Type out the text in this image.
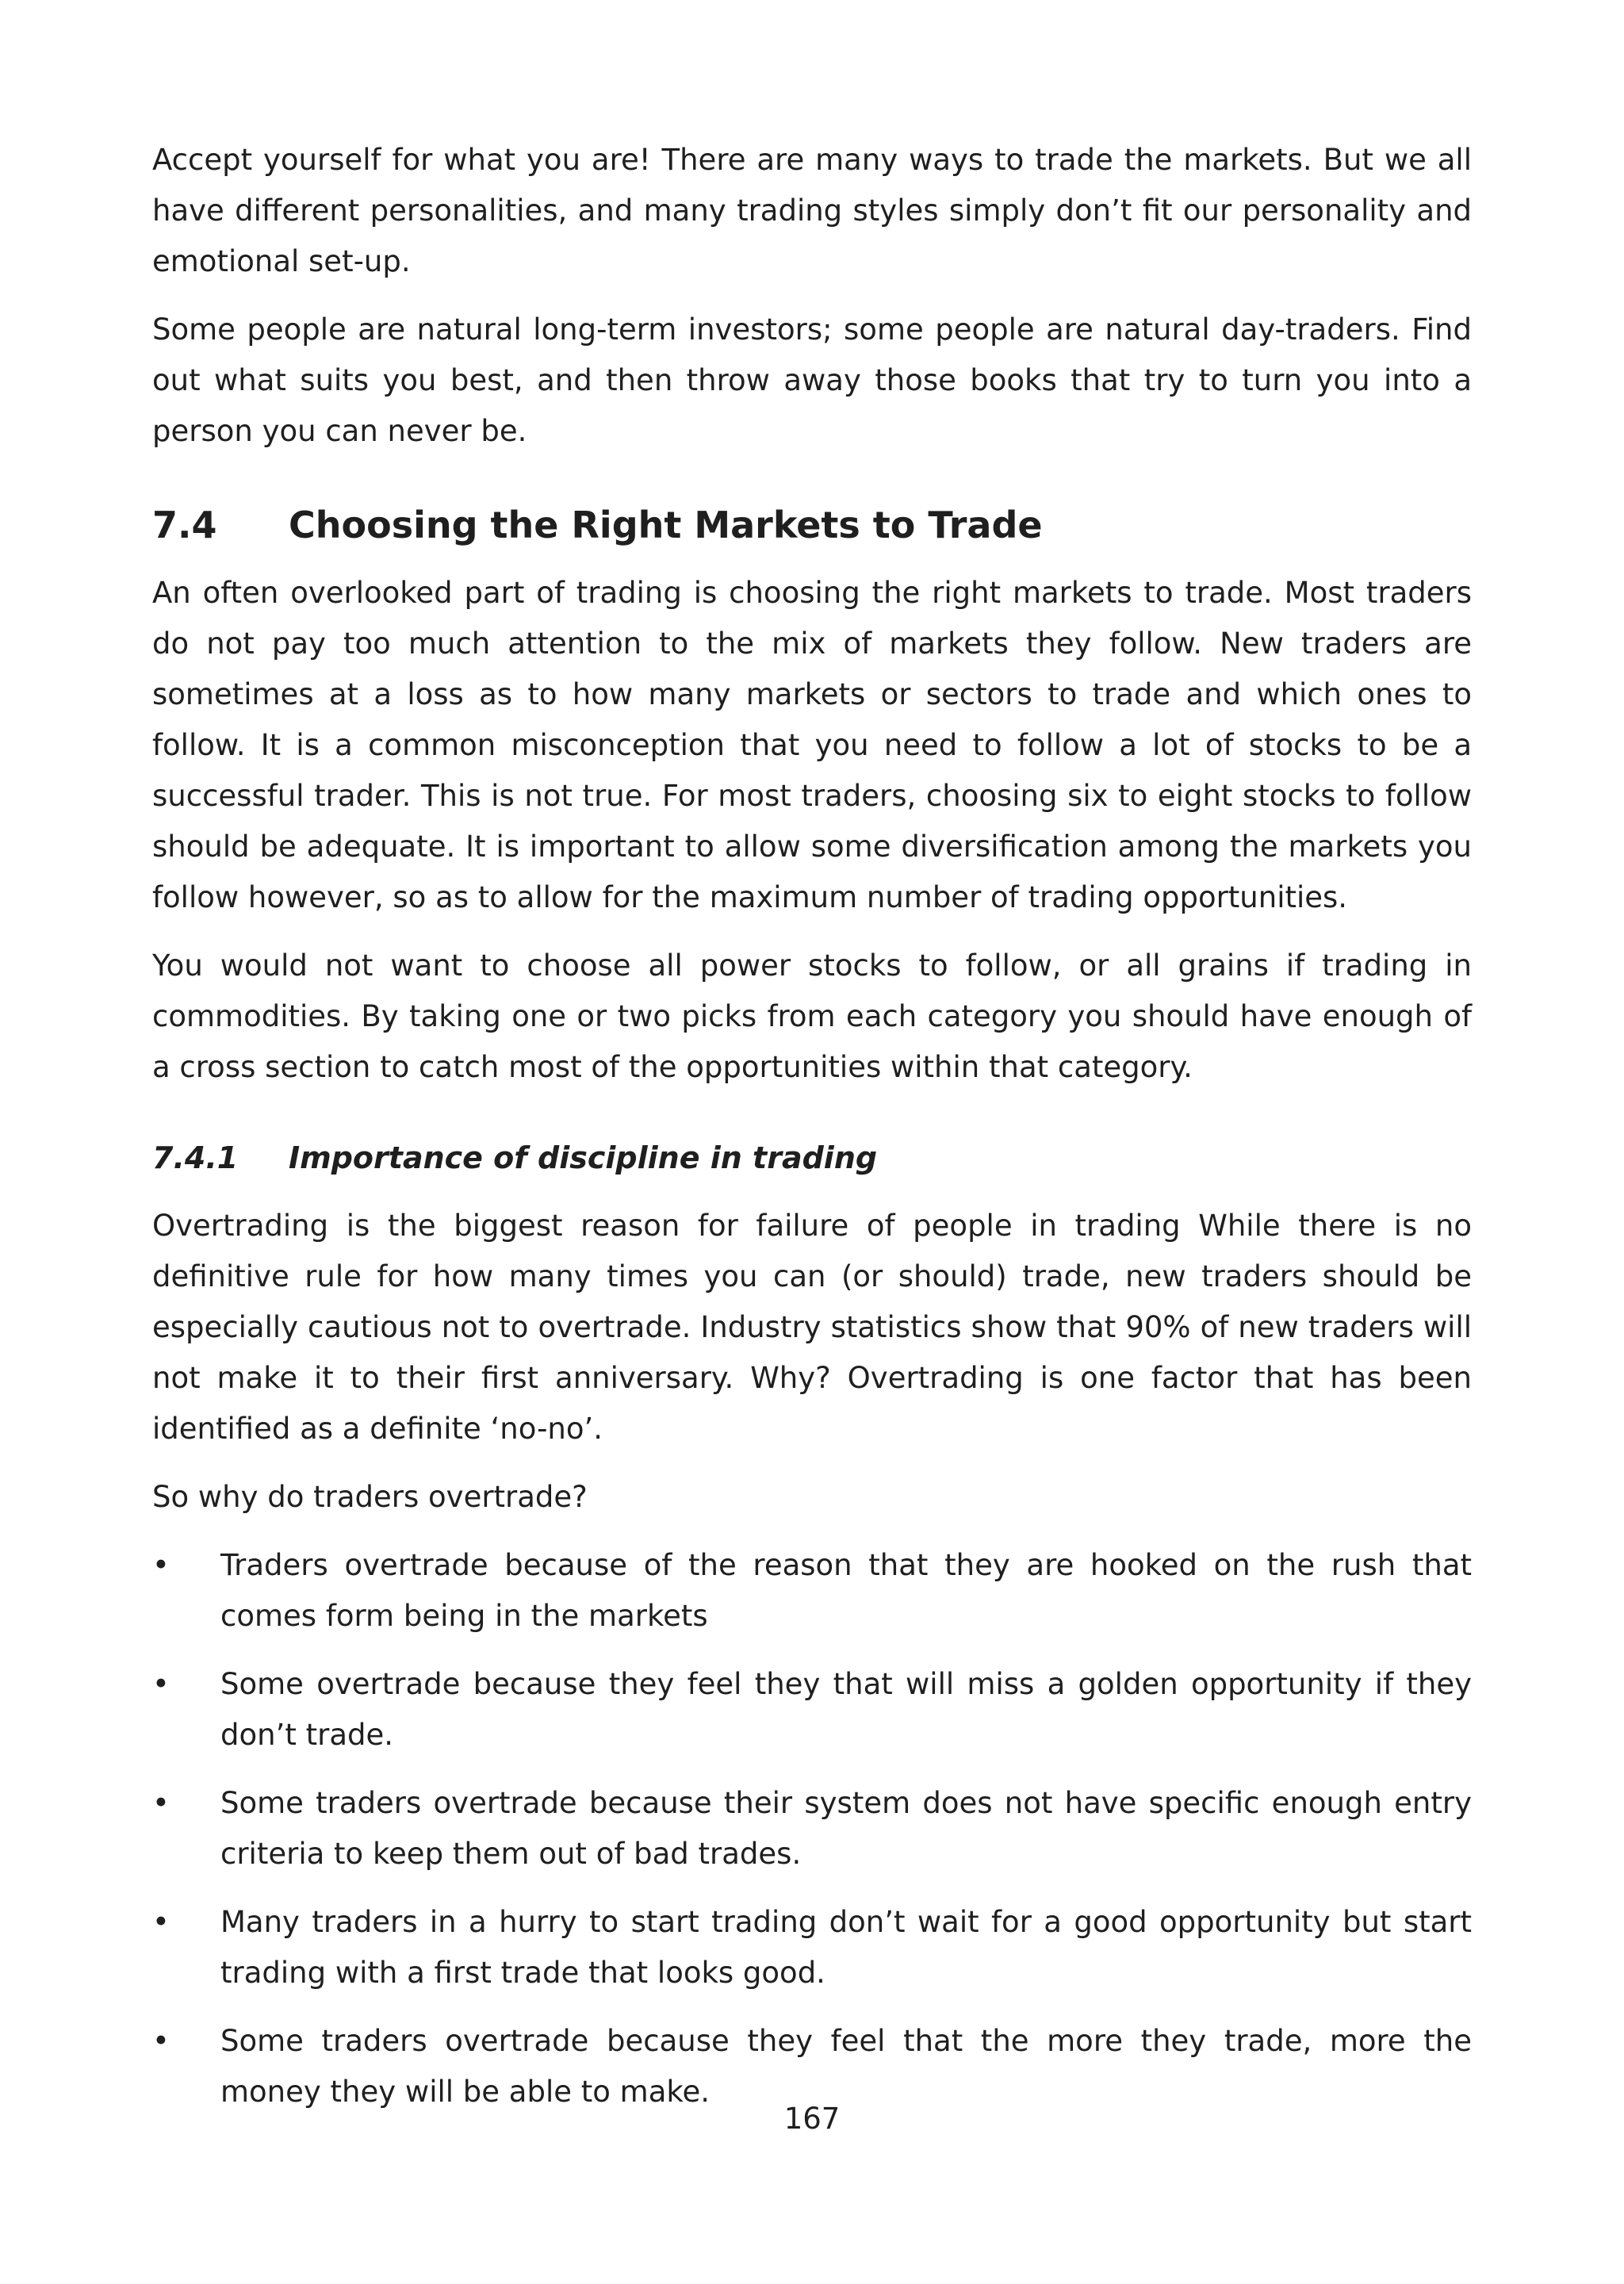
Accept yourself for what you are! There are many ways to trade the markets. But we all have different personalities, and many trading styles simply don’t fit our personality and emotional set-up.

Some people are natural long-term investors; some people are natural day-traders. Find out what suits you best, and then throw away those books that try to turn you into a person you can never be.

7.4	Choosing the Right Markets to Trade

An often overlooked part of trading is choosing the right markets to trade. Most traders do not pay too much attention to the mix of markets they follow. New traders are sometimes at a loss as to how many markets or sectors to trade and which ones to follow. It is a common misconception that you need to follow a lot of stocks to be a successful trader. This is not true. For most traders, choosing six to eight stocks to follow should be adequate. It is important to allow some diversification among the markets you follow however, so as to allow for the maximum number of trading opportunities.

You would not want to choose all power stocks to follow, or all grains if trading in commodities. By taking one or two picks from each category you should have enough of a cross section to catch most of the opportunities within that category.

7.4.1	Importance of discipline in trading

Overtrading is the biggest reason for failure of people in trading While there is no definitive rule for how many times you can (or should) trade, new traders should be especially cautious not to overtrade. Industry statistics show that 90% of new traders will not make it to their first anniversary. Why? Overtrading is one factor that has been identified as a definite ‘no-no’.

So why do traders overtrade?

•	Traders overtrade because of the reason that they are hooked on the rush that comes form being in the markets
•	Some overtrade because they feel they that will miss a golden opportunity if they don’t trade.
•	Some traders overtrade because their system does not have specific enough entry criteria to keep them out of bad trades.
•	Many traders in a hurry to start trading don’t wait for a good opportunity but start trading with a first trade that looks good.
•	Some traders overtrade because they feel that the more they trade, more the money they will be able to make.
167
